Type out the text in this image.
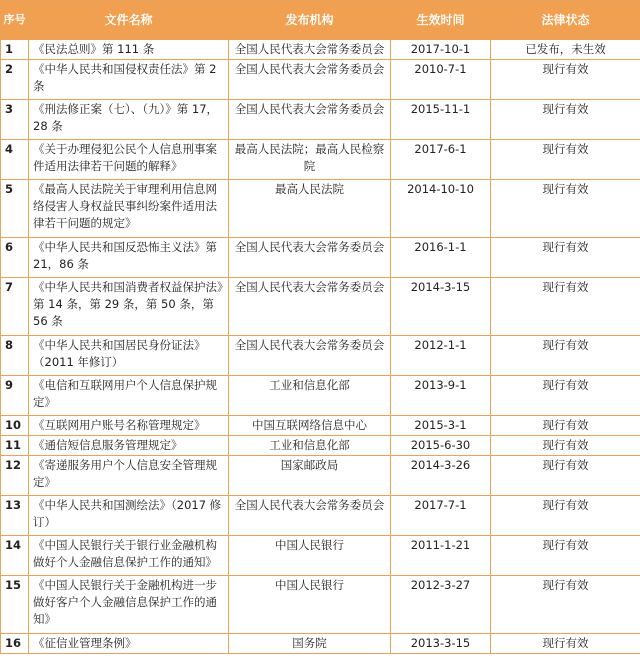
序号	文件名称	发布机构	生效时间	法律状态
1	《民法总则》第 111 条	全国人民代表大会常务委员会	2017-10-1	已发布，未生效
2	《中华人民共和国侵权责任法》第 2 条	全国人民代表大会常务委员会	2010-7-1	现行有效
3	《刑法修正案（七）、（九）》第 17，28 条	全国人民代表大会常务委员会	2015-11-1	现行有效
4	《关于办理侵犯公民个人信息刑事案件适用法律若干问题的解释》	最高人民法院；最高人民检察院	2017-6-1	现行有效
5	《最高人民法院关于审理利用信息网络侵害人身权益民事纠纷案件适用法律若干问题的规定》	最高人民法院	2014-10-10	现行有效
6	《中华人民共和国反恐怖主义法》第 21，86 条	全国人民代表大会常务委员会	2016-1-1	现行有效
7	《中华人民共和国消费者权益保护法》第 14 条，第 29 条，第 50 条，第 56 条	全国人民代表大会常务委员会	2014-3-15	现行有效
8	《中华人民共和国居民身份证法》（2011 年修订）	全国人民代表大会常务委员会	2012-1-1	现行有效
9	《电信和互联网用户个人信息保护规定》	工业和信息化部	2013-9-1	现行有效
10	《互联网用户账号名称管理规定》	中国互联网络信息中心	2015-3-1	现行有效
11	《通信短信息服务管理规定》	工业和信息化部	2015-6-30	现行有效
12	《寄递服务用户个人信息安全管理规定》	国家邮政局	2014-3-26	现行有效
13	《中华人民共和国测绘法》（2017 修订）	全国人民代表大会常务委员会	2017-7-1	现行有效
14	《中国人民银行关于银行业金融机构做好个人金融信息保护工作的通知》	中国人民银行	2011-1-21	现行有效
15	《中国人民银行关于金融机构进一步做好客户个人金融信息保护工作的通知》	中国人民银行	2012-3-27	现行有效
16	《征信业管理条例》	国务院	2013-3-15	现行有效
